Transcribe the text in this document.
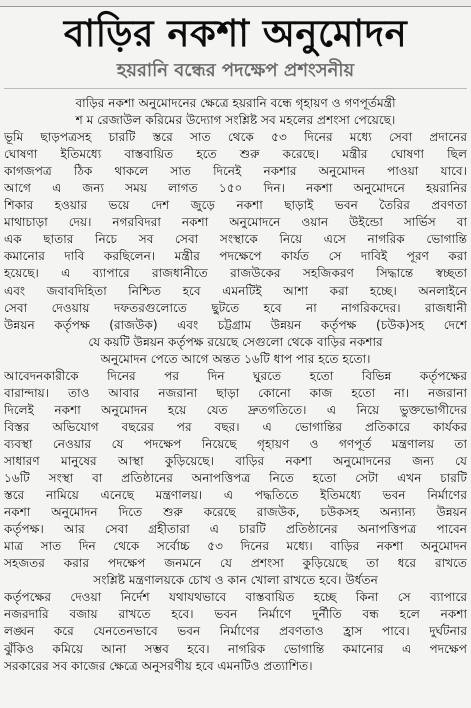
বাড়ির নকশা অনুমোদন
হয়রানি বন্ধের পদক্ষেপ প্রশংসনীয়
বাড়ির নকশা অনুমোদনের ক্ষেত্রে হয়রানি বন্ধে গৃহায়ণ ও গণপূর্তমন্ত্রী
শ ম রেজাউল করিমের উদ্যোগ সংশ্লিষ্ট সব মহলের প্রশংসা পেয়েছে।
ভূমি ছাড়পত্রসহ চারটি স্তরে সাত থেকে ৫৩ দিনের মধ্যে সেবা প্রদানের
ঘোষণা ইতিমধ্যে বাস্তবায়িত হতে শুরু করেছে। মন্ত্রীর ঘোষণা ছিল
কাগজপত্র ঠিক থাকলে সাত দিনেই নকশার অনুমোদন পাওয়া যাবে।
আগে এ জন্য সময় লাগত ১৫০ দিন। নকশা অনুমোদনে হয়রানির
শিকার হওয়ার ভয়ে দেশ জুড়ে নকশা ছাড়াই ভবন তৈরির প্রবণতা
মাথাচাড়া দেয়। নগরবিদরা নকশা অনুমোদনে ওয়ান উইন্ডো সার্ভিস বা
এক ছাতার নিচে সব সেবা সংস্থাকে নিয়ে এসে নাগরিক ভোগান্তি
কমানোর দাবি করছিলেন। মন্ত্রীর পদক্ষেপে কার্যত সে দাবিই পূরণ করা
হয়েছে। এ ব্যাপারে রাজধানীতে রাজউকের সহজিকরণ সিদ্ধান্তে স্বচ্ছতা
এবং জবাবদিহিতা নিশ্চিত হবে এমনটিই আশা করা হচ্ছে। অনলাইনে
সেবা দেওয়ায় দফতরগুলোতে ছুটতে হবে না নাগরিকদের। রাজধানী
উন্নয়ন কর্তৃপক্ষ (রাজউক) এবং চট্টগ্রাম উন্নয়ন কর্তৃপক্ষ (চউক)সহ দেশে
যে কয়টি উন্নয়ন কর্তৃপক্ষ রয়েছে সেগুলো থেকে বাড়ির নকশার
অনুমোদন পেতে আগে অন্তত ১৬টি ধাপ পার হতে হতো।
আবেদনকারীকে দিনের পর দিন ঘুরতে হতো বিভিন্ন কর্তৃপক্ষের
বারান্দায়। তাও আবার নজরানা ছাড়া কোনো কাজ হতো না। নজরানা
দিলেই নকশা অনুমোদন হয়ে যেত দ্রুতগতিতে। এ নিয়ে ভুক্তভোগীদের
বিস্তর অভিযোগ বছরের পর বছর। এ ভোগান্তির প্রতিকারে কার্যকর
ব্যবস্থা নেওয়ার যে পদক্ষেপ নিয়েছে গৃহায়ণ ও গণপূর্ত মন্ত্রণালয় তা
সাধারণ মানুষের আস্থা কুড়িয়েছে। বাড়ির নকশা অনুমোদনের জন্য যে
১৬টি সংস্থা বা প্রতিষ্ঠানের অনাপত্তিপত্র নিতে হতো সেটা এখন চারটি
স্তরে নামিয়ে এনেছে মন্ত্রণালয়। এ পদ্ধতিতে ইতিমধ্যে ভবন নির্মাণের
নকশা অনুমোদন দিতে শুরু করেছে রাজউক, চউকসহ অন্যান্য উন্নয়ন
কর্তৃপক্ষ। আর সেবা গ্রহীতারা এ চারটি প্রতিষ্ঠানের অনাপত্তিপত্র পাবেন
মাত্র সাত দিন থেকে সর্বোচ্চ ৫৩ দিনের মধ্যে। বাড়ির নকশা অনুমোদন
সহজতর করার পদক্ষেপ জনমনে যে প্রশংসা কুড়িয়েছে তা ধরে রাখতে
সংশ্লিষ্ট মন্ত্রণালয়কে চোখ ও কান খোলা রাখতে হবে। উর্ধতন
কর্তৃপক্ষের দেওয়া নির্দেশ যথাযথভাবে বাস্তবায়িত হচ্ছে কিনা সে ব্যাপারে
নজরদারি বজায় রাখতে হবে। ভবন নির্মাণে দুর্নীতি বন্ধ হলে নকশা
লঙ্ঘন করে যেনতেনভাবে ভবন নির্মাণের প্রবণতাও হ্রাস পাবে। দুর্ঘটনার
ঝুঁকিও কমিয়ে আনা সম্ভব হবে। নাগরিক ভোগান্তি কমানোর এ পদক্ষেপ
সরকারের সব কাজের ক্ষেত্রে অনুসরণীয় হবে এমনটিও প্রত্যাশিত।
